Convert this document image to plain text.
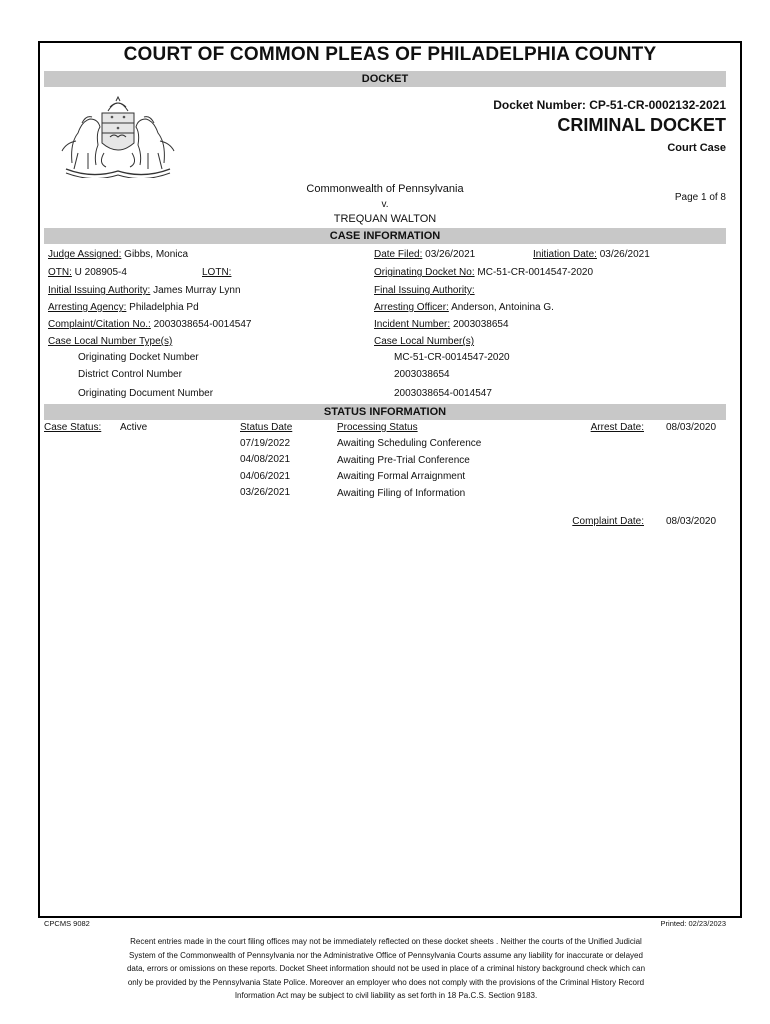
COURT OF COMMON PLEAS OF PHILADELPHIA COUNTY
DOCKET
Docket Number: CP-51-CR-0002132-2021
CRIMINAL DOCKET
Court Case
Commonwealth of Pennsylvania
v.
TREQUAN WALTON
Page 1 of 8
CASE INFORMATION
Judge Assigned: Gibbs, Monica	Date Filed: 03/26/2021	Initiation Date: 03/26/2021
OTN: U 208905-4	LOTN:	Originating Docket No: MC-51-CR-0014547-2020
Initial Issuing Authority: James Murray Lynn	Final Issuing Authority:
Arresting Agency: Philadelphia Pd	Arresting Officer: Anderson, Antoinina G.
Complaint/Citation No.: 2003038654-0014547	Incident Number: 2003038654
Case Local Number Type(s)	Case Local Number(s)
Originating Docket Number	MC-51-CR-0014547-2020
District Control Number	2003038654
Originating Document Number	2003038654-0014547
STATUS INFORMATION
Case Status: Active	Status Date	Processing Status	Arrest Date: 08/03/2020
07/19/2022	Awaiting Scheduling Conference
04/08/2021	Awaiting Pre-Trial Conference
04/06/2021	Awaiting Formal Arraignment
03/26/2021	Awaiting Filing of Information
Complaint Date: 08/03/2020
CPCMS 9082	Printed: 02/23/2023
Recent entries made in the court filing offices may not be immediately reflected on these docket sheets . Neither the courts of the Unified Judicial
System of the Commonwealth of Pennsylvania nor the Administrative Office of Pennsylvania Courts assume any liability for inaccurate or delayed
data, errors or omissions on these reports. Docket Sheet information should not be used in place of a criminal history background check which can
only be provided by the Pennsylvania State Police. Moreover an employer who does not comply with the provisions of the Criminal History Record
Information Act may be subject to civil liability as set forth in 18 Pa.C.S. Section 9183.
